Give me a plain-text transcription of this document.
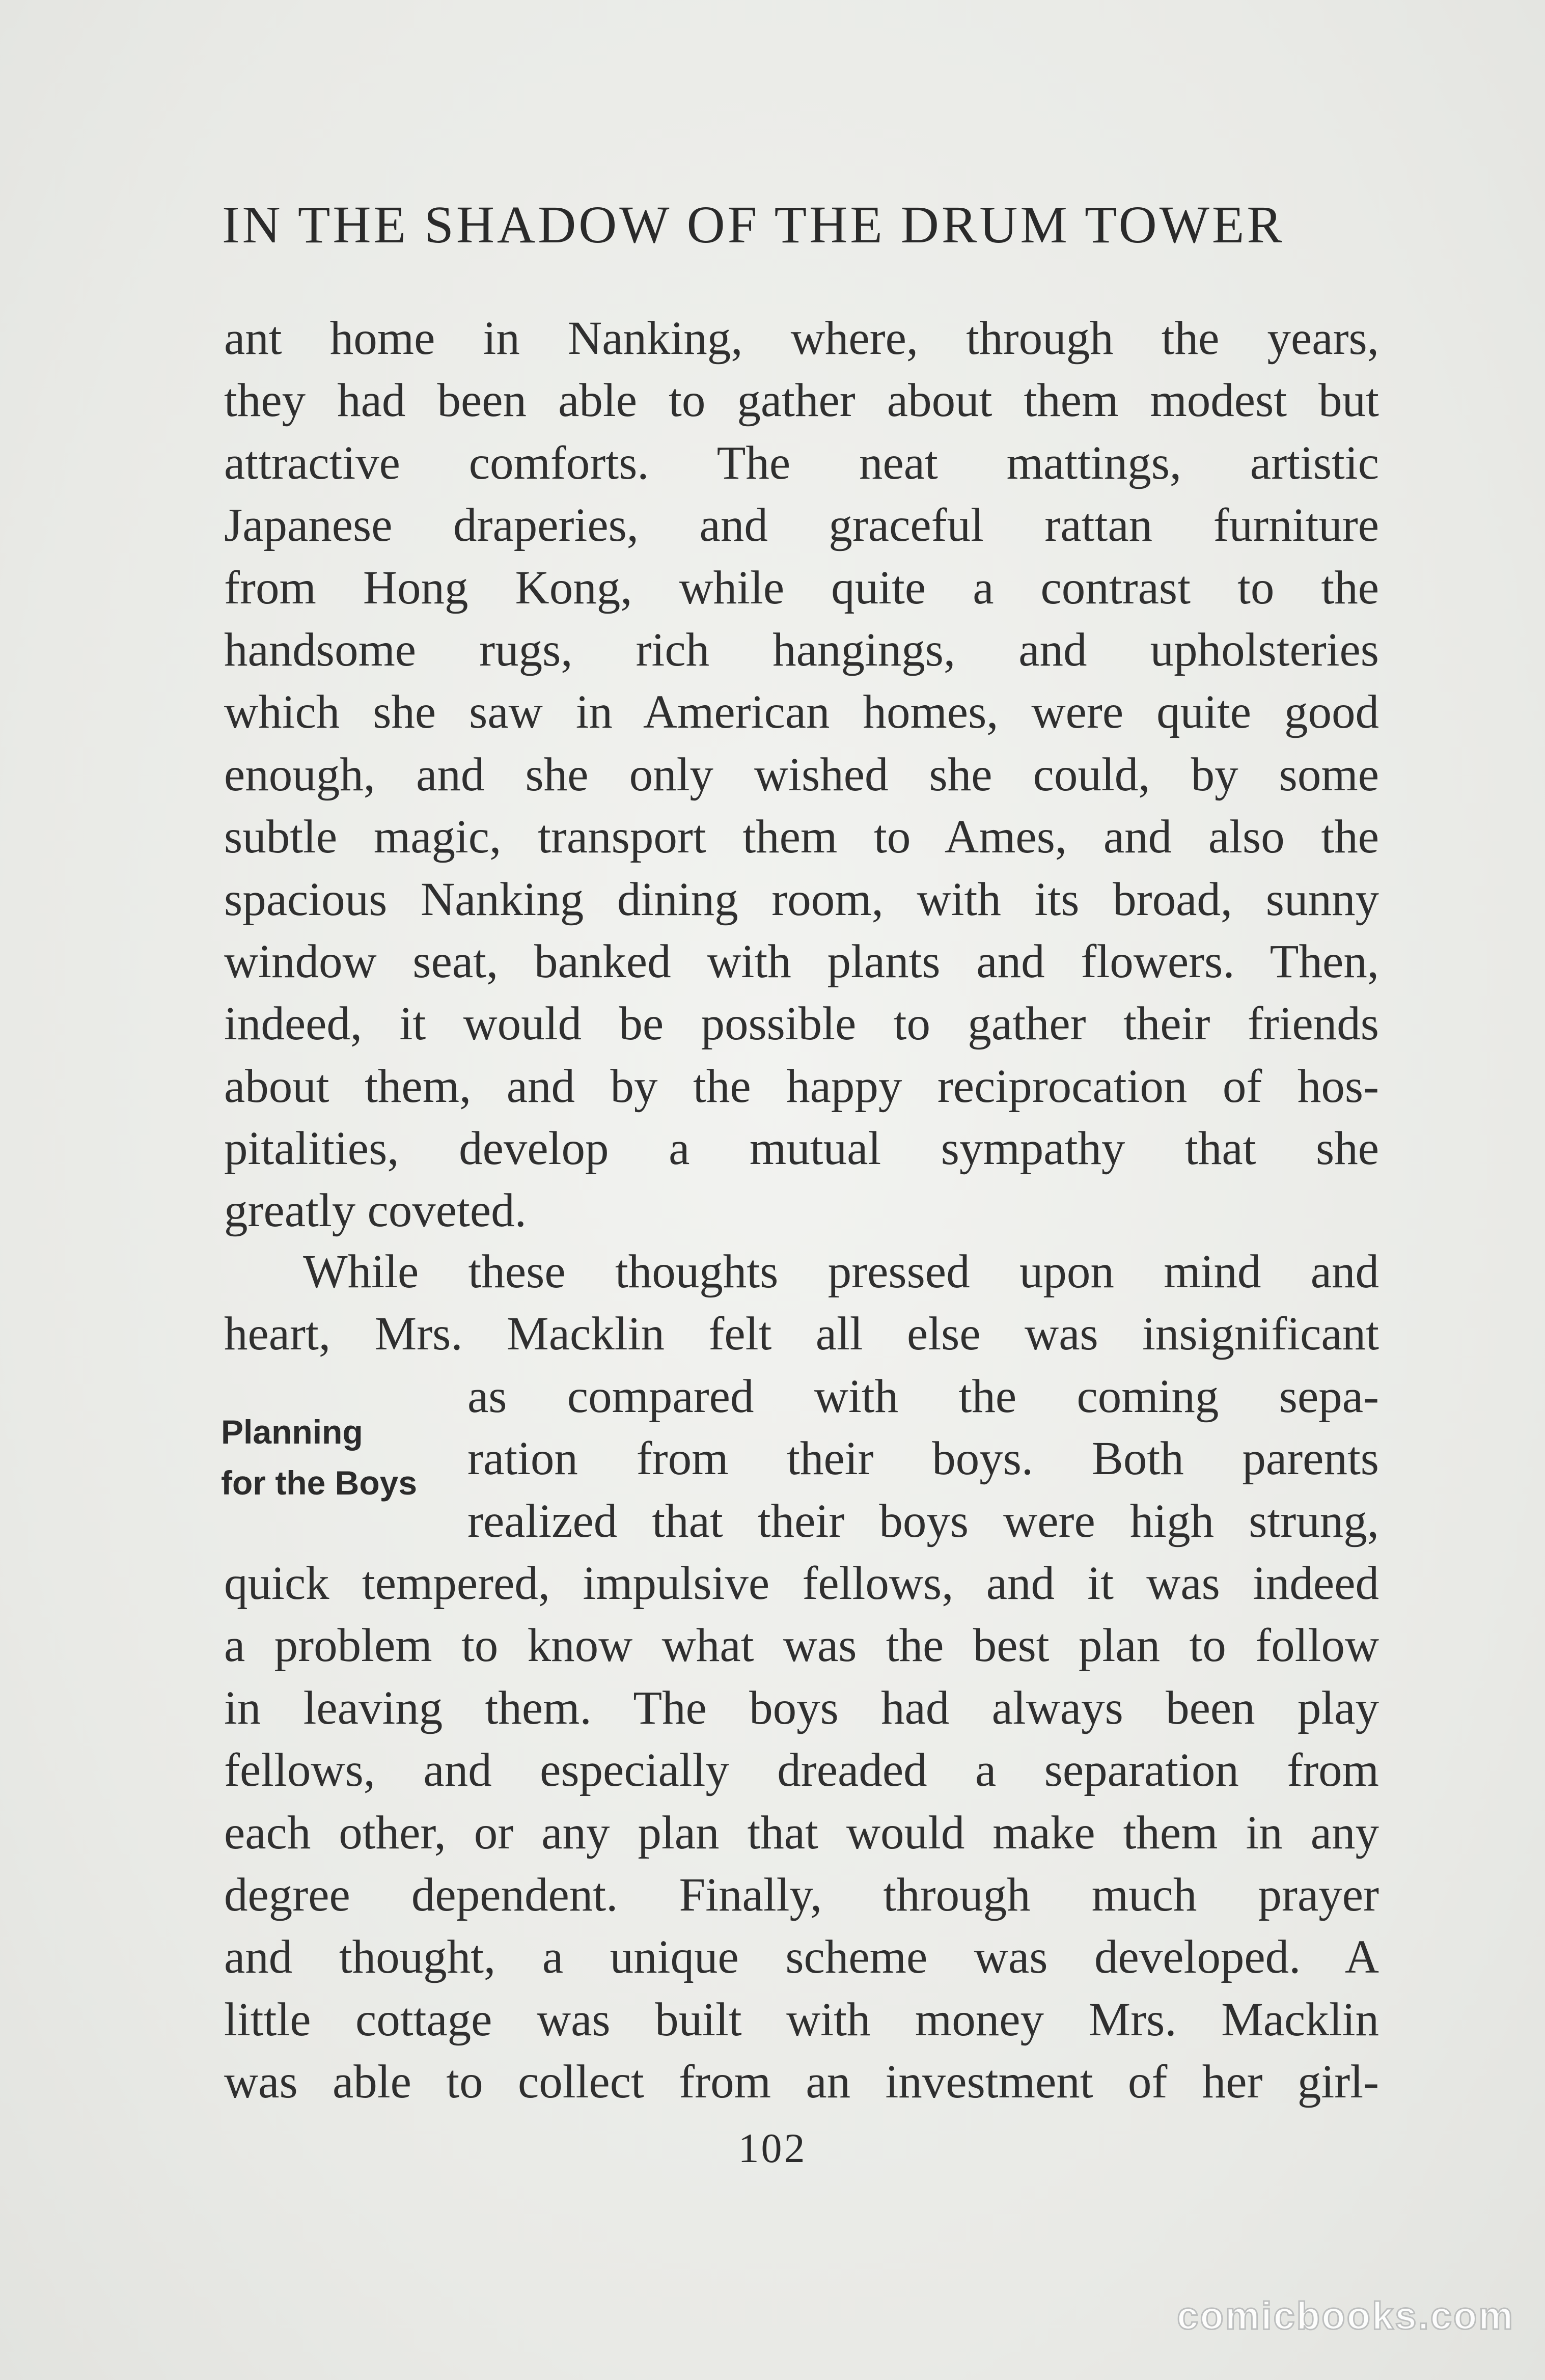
IN THE SHADOW OF THE DRUM TOWER
ant home in Nanking, where, through the years,
they had been able to gather about them modest but
attractive comforts. The neat mattings, artistic
Japanese draperies, and graceful rattan furniture
from Hong Kong, while quite a contrast to the
handsome rugs, rich hangings, and upholsteries
which she saw in American homes, were quite good
enough, and she only wished she could, by some
subtle magic, transport them to Ames, and also the
spacious Nanking dining room, with its broad, sunny
window seat, banked with plants and flowers. Then,
indeed, it would be possible to gather their friends
about them, and by the happy reciprocation of hos-
pitalities, develop a mutual sympathy that she
greatly coveted.
While these thoughts pressed upon mind and
heart, Mrs. Macklin felt all else was insignificant
as compared with the coming sepa-
ration from their boys. Both parents
realized that their boys were high strung,
quick tempered, impulsive fellows, and it was indeed
a problem to know what was the best plan to follow
in leaving them. The boys had always been play
fellows, and especially dreaded a separation from
each other, or any plan that would make them in any
degree dependent. Finally, through much prayer
and thought, a unique scheme was developed. A
little cottage was built with money Mrs. Macklin
was able to collect from an investment of her girl-
Planning
for the Boys
102
comicbooks.com
